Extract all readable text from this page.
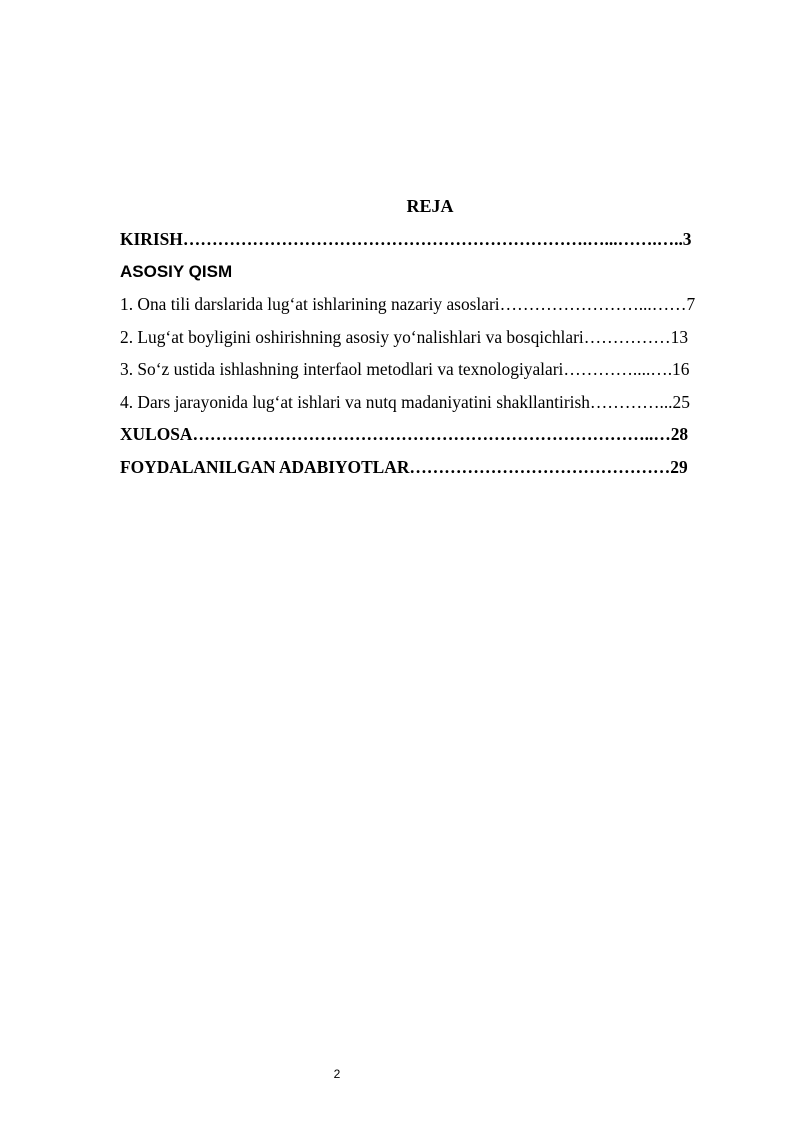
REJA
KIRISH…………………………………………………………….…...…….…..3
ASOSIY QISM
1. Ona tili darslarida lug‘at ishlarining nazariy asoslari……………………...……7
2. Lug‘at boyligini oshirishning asosiy yo‘nalishlari va bosqichlari……………13
3. So‘z ustida ishlashning interfaol metodlari va texnologiyalari…………....….16
4. Dars jarayonida lug‘at ishlari va nutq madaniyatini shakllantirish…………...25
XULOSA……………………………………………………………………..…28
FOYDALANILGAN ADABIYOTLAR………………………………………29
2
